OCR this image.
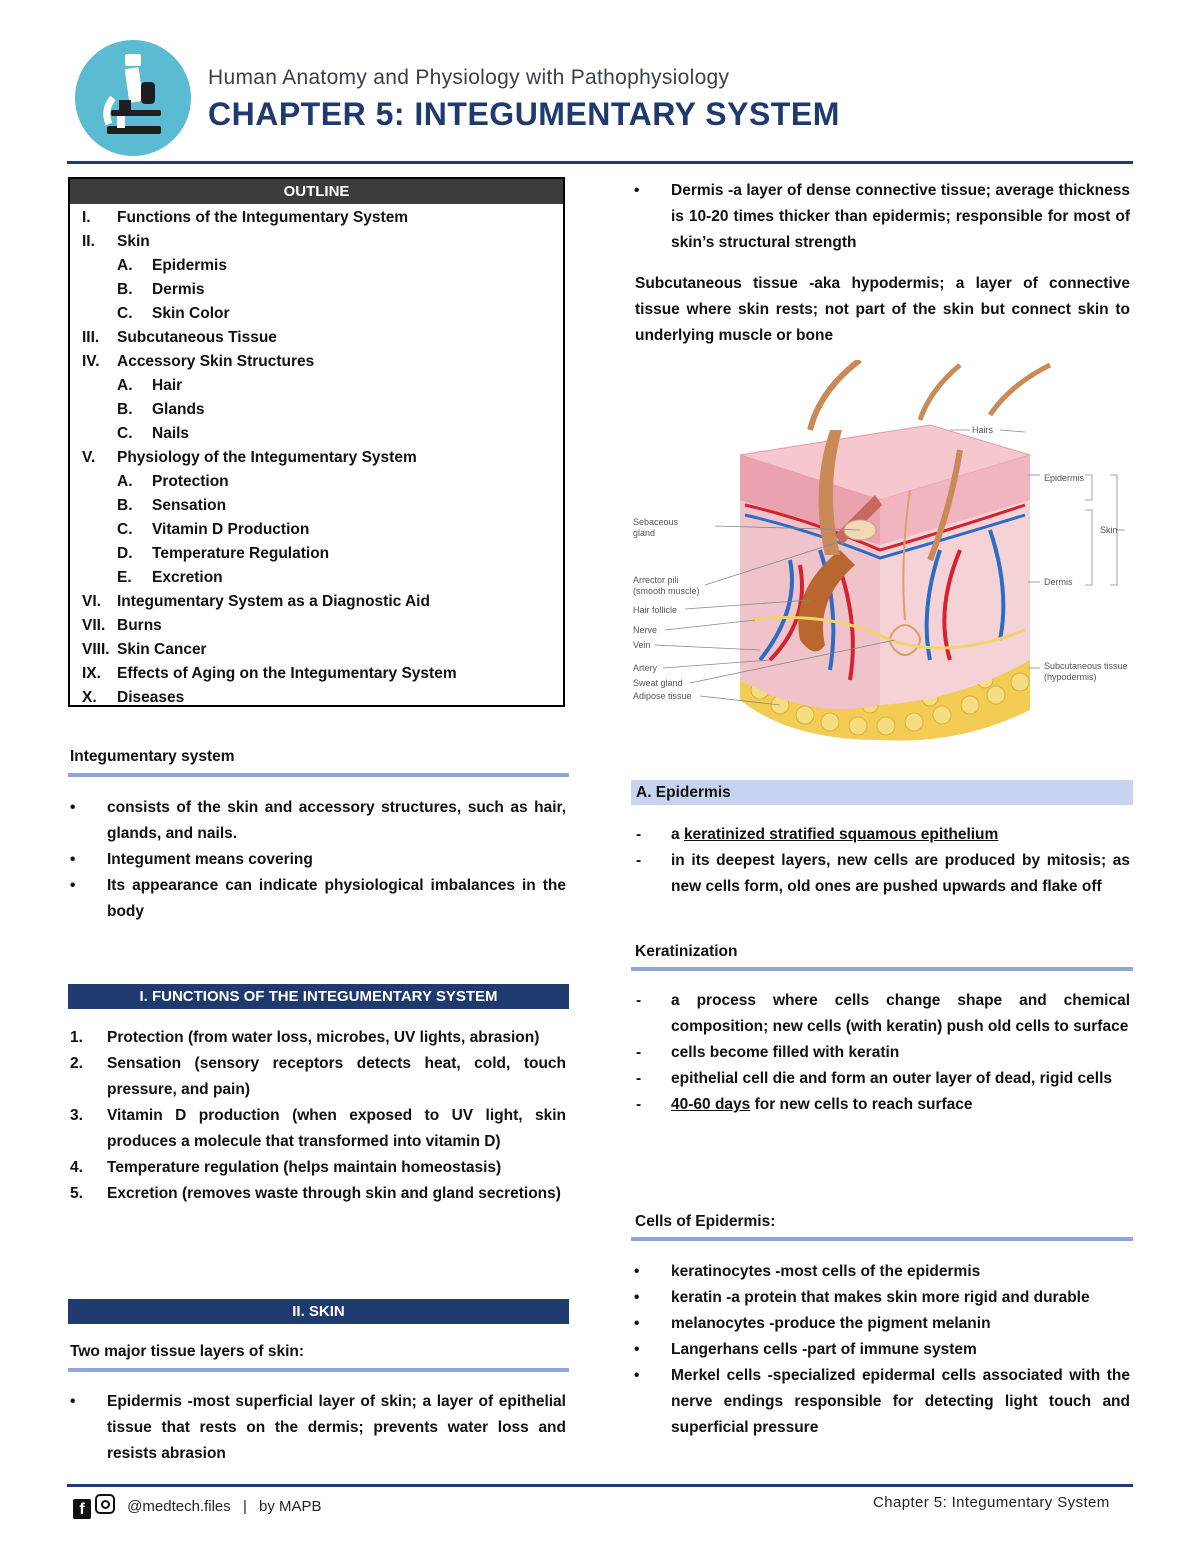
Human Anatomy and Physiology with Pathophysiology
CHAPTER 5: INTEGUMENTARY SYSTEM
OUTLINE
I. Functions of the Integumentary System
II. Skin
A. Epidermis
B. Dermis
C. Skin Color
III. Subcutaneous Tissue
IV. Accessory Skin Structures
A. Hair
B. Glands
C. Nails
V. Physiology of the Integumentary System
A. Protection
B. Sensation
C. Vitamin D Production
D. Temperature Regulation
E. Excretion
VI. Integumentary System as a Diagnostic Aid
VII. Burns
VIII. Skin Cancer
IX. Effects of Aging on the Integumentary System
X. Diseases
Integumentary system
•	consists of the skin and accessory structures, such as hair, glands, and nails.
•	Integument means covering
•	Its appearance can indicate physiological imbalances in the body
I. FUNCTIONS OF THE INTEGUMENTARY SYSTEM
1.	Protection (from water loss, microbes, UV lights, abrasion)
2.	Sensation (sensory receptors detects heat, cold, touch pressure, and pain)
3.	Vitamin D production (when exposed to UV light, skin produces a molecule that transformed into vitamin D)
4.	Temperature regulation (helps maintain homeostasis)
5.	Excretion (removes waste through skin and gland secretions)
II. SKIN
Two major tissue layers of skin:
•	Epidermis -most superficial layer of skin; a layer of epithelial tissue that rests on the dermis; prevents water loss and resists abrasion
•	Dermis -a layer of dense connective tissue; average thickness is 10-20 times thicker than epidermis; responsible for most of skin’s structural strength
Subcutaneous tissue -aka hypodermis; a layer of connective tissue where skin rests; not part of the skin but connect skin to underlying muscle or bone
Hairs
Epidermis
Skin
Dermis
Subcutaneous tissue
(hypodermis)
Sebaceous
gland
Arrector pili
(smooth muscle)
Hair follicle
Nerve
Vein
Artery
Sweat gland
Adipose tissue
A. Epidermis
-	a keratinized stratified squamous epithelium
-	in its deepest layers, new cells are produced by mitosis; as new cells form, old ones are pushed upwards and flake off
Keratinization
-	a process where cells change shape and chemical composition; new cells (with keratin) push old cells to surface
-	cells become filled with keratin
-	epithelial cell die and form an outer layer of dead, rigid cells
-	40-60 days for new cells to reach surface
Cells of Epidermis:
•	keratinocytes -most cells of the epidermis
•	keratin -a protein that makes skin more rigid and durable
•	melanocytes -produce the pigment melanin
•	Langerhans cells -part of immune system
•	Merkel cells -specialized epidermal cells associated with the nerve endings responsible for detecting light touch and superficial pressure
f	@medtech.files | by MAPB	Chapter 5: Integumentary System
